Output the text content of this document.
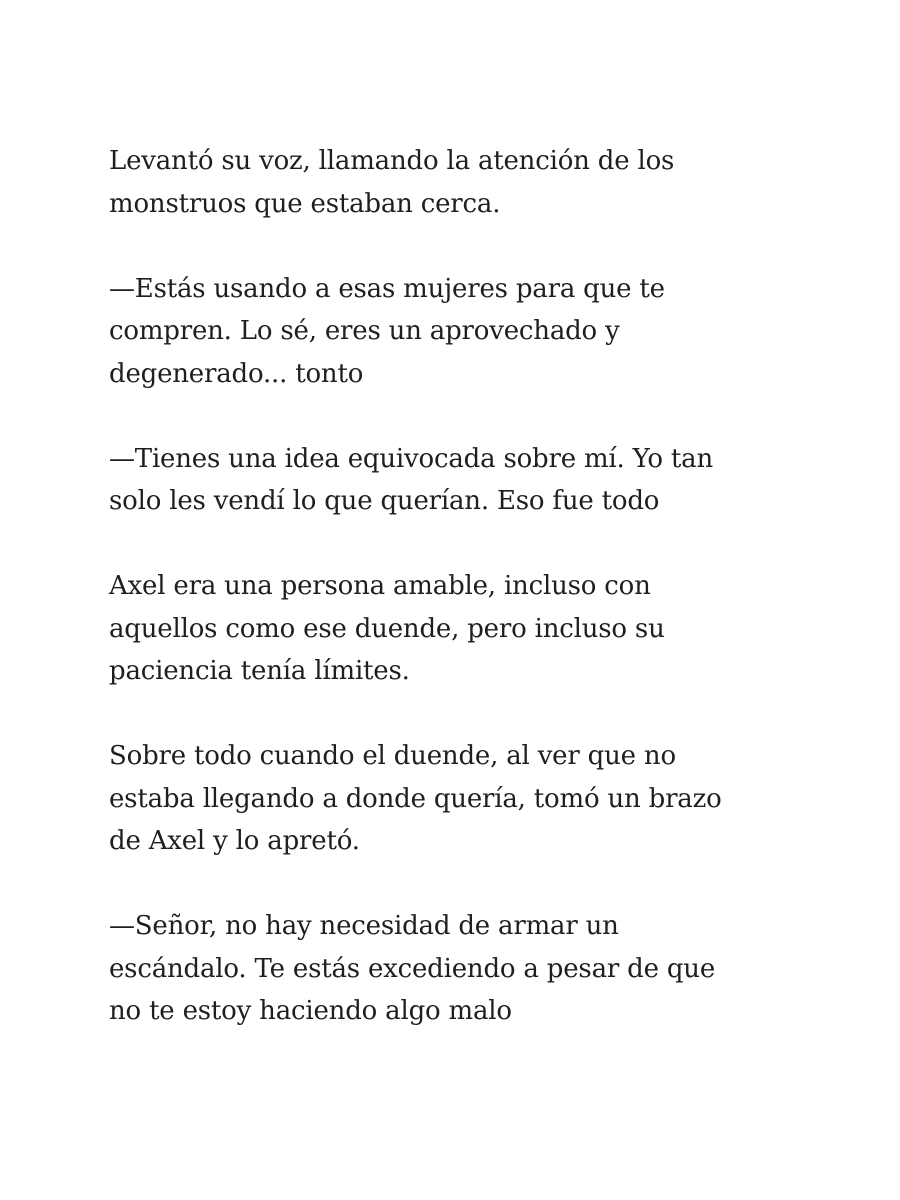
Levantó su voz, llamando la atención de los
monstruos que estaban cerca.

—Estás usando a esas mujeres para que te
compren. Lo sé, eres un aprovechado y
degenerado... tonto

—Tienes una idea equivocada sobre mí. Yo tan
solo les vendí lo que querían. Eso fue todo

Axel era una persona amable, incluso con
aquellos como ese duende, pero incluso su
paciencia tenía límites.

Sobre todo cuando el duende, al ver que no
estaba llegando a donde quería, tomó un brazo
de Axel y lo apretó.

—Señor, no hay necesidad de armar un
escándalo. Te estás excediendo a pesar de que
no te estoy haciendo algo malo
